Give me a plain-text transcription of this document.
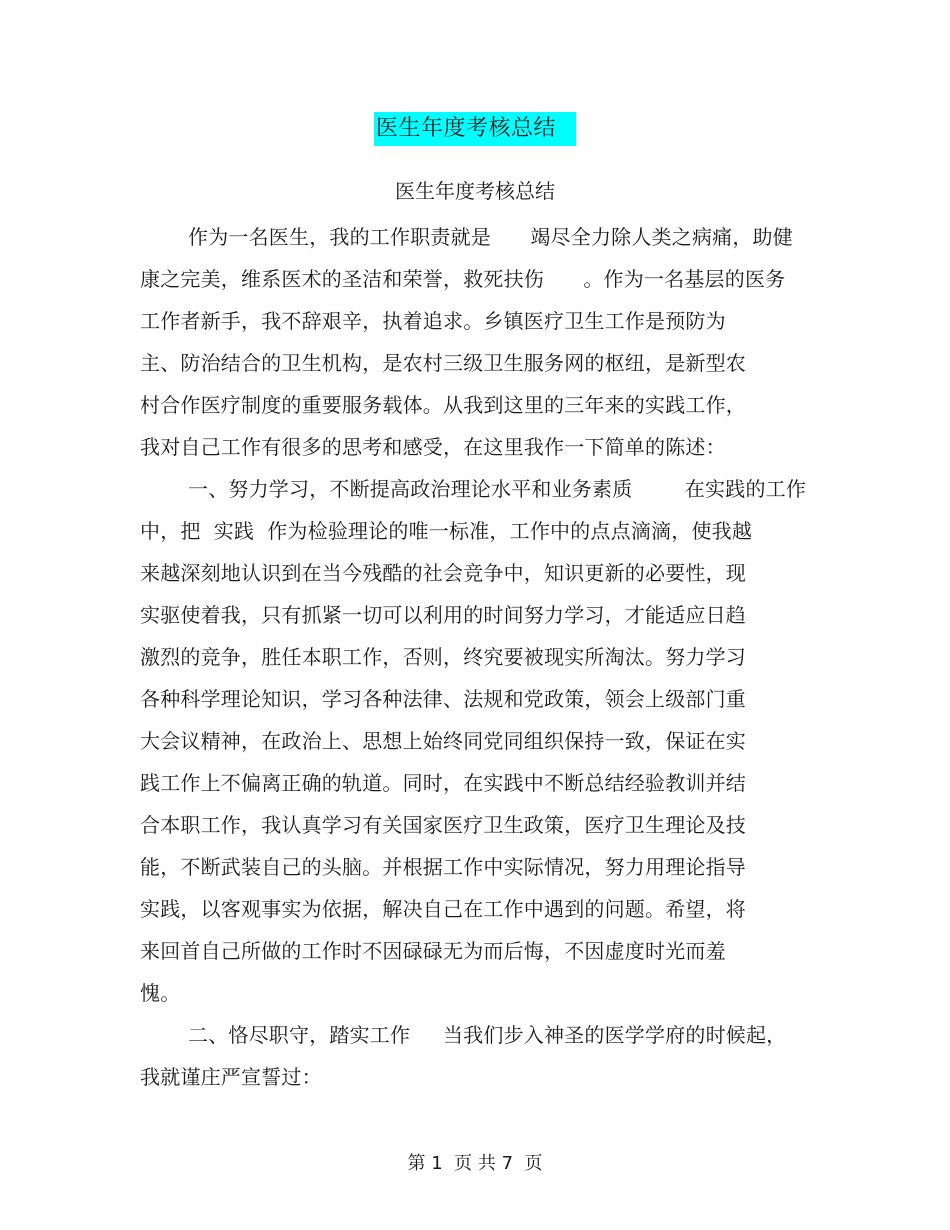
医生年度考核总结
医生年度考核总结
作为一名医生，我的工作职责就是      竭尽全力除人类之病痛，助健
康之完美，维系医术的圣洁和荣誉，救死扶伤      。作为一名基层的医务
工作者新手，我不辞艰辛，执着追求。乡镇医疗卫生工作是预防为
主、防治结合的卫生机构，是农村三级卫生服务网的枢纽，是新型农
村合作医疗制度的重要服务载体。从我到这里的三年来的实践工作，
我对自己工作有很多的思考和感受，在这里我作一下简单的陈述：
一、努力学习，不断提高政治理论水平和业务素质        在实践的工作
中，把  实践  作为检验理论的唯一标准，工作中的点点滴滴，使我越
来越深刻地认识到在当今残酷的社会竞争中，知识更新的必要性，现
实驱使着我，只有抓紧一切可以利用的时间努力学习，才能适应日趋
激烈的竞争，胜任本职工作，否则，终究要被现实所淘汰。努力学习
各种科学理论知识，学习各种法律、法规和党政策，领会上级部门重
大会议精神，在政治上、思想上始终同党同组织保持一致，保证在实
践工作上不偏离正确的轨道。同时，在实践中不断总结经验教训并结
合本职工作，我认真学习有关国家医疗卫生政策，医疗卫生理论及技
能，不断武装自己的头脑。并根据工作中实际情况，努力用理论指导
实践，以客观事实为依据，解决自己在工作中遇到的问题。希望，将
来回首自己所做的工作时不因碌碌无为而后悔，不因虚度时光而羞
愧。
二、恪尽职守，踏实工作     当我们步入神圣的医学学府的时候起，
我就谨庄严宣誓过：
第 1  页 共 7  页
